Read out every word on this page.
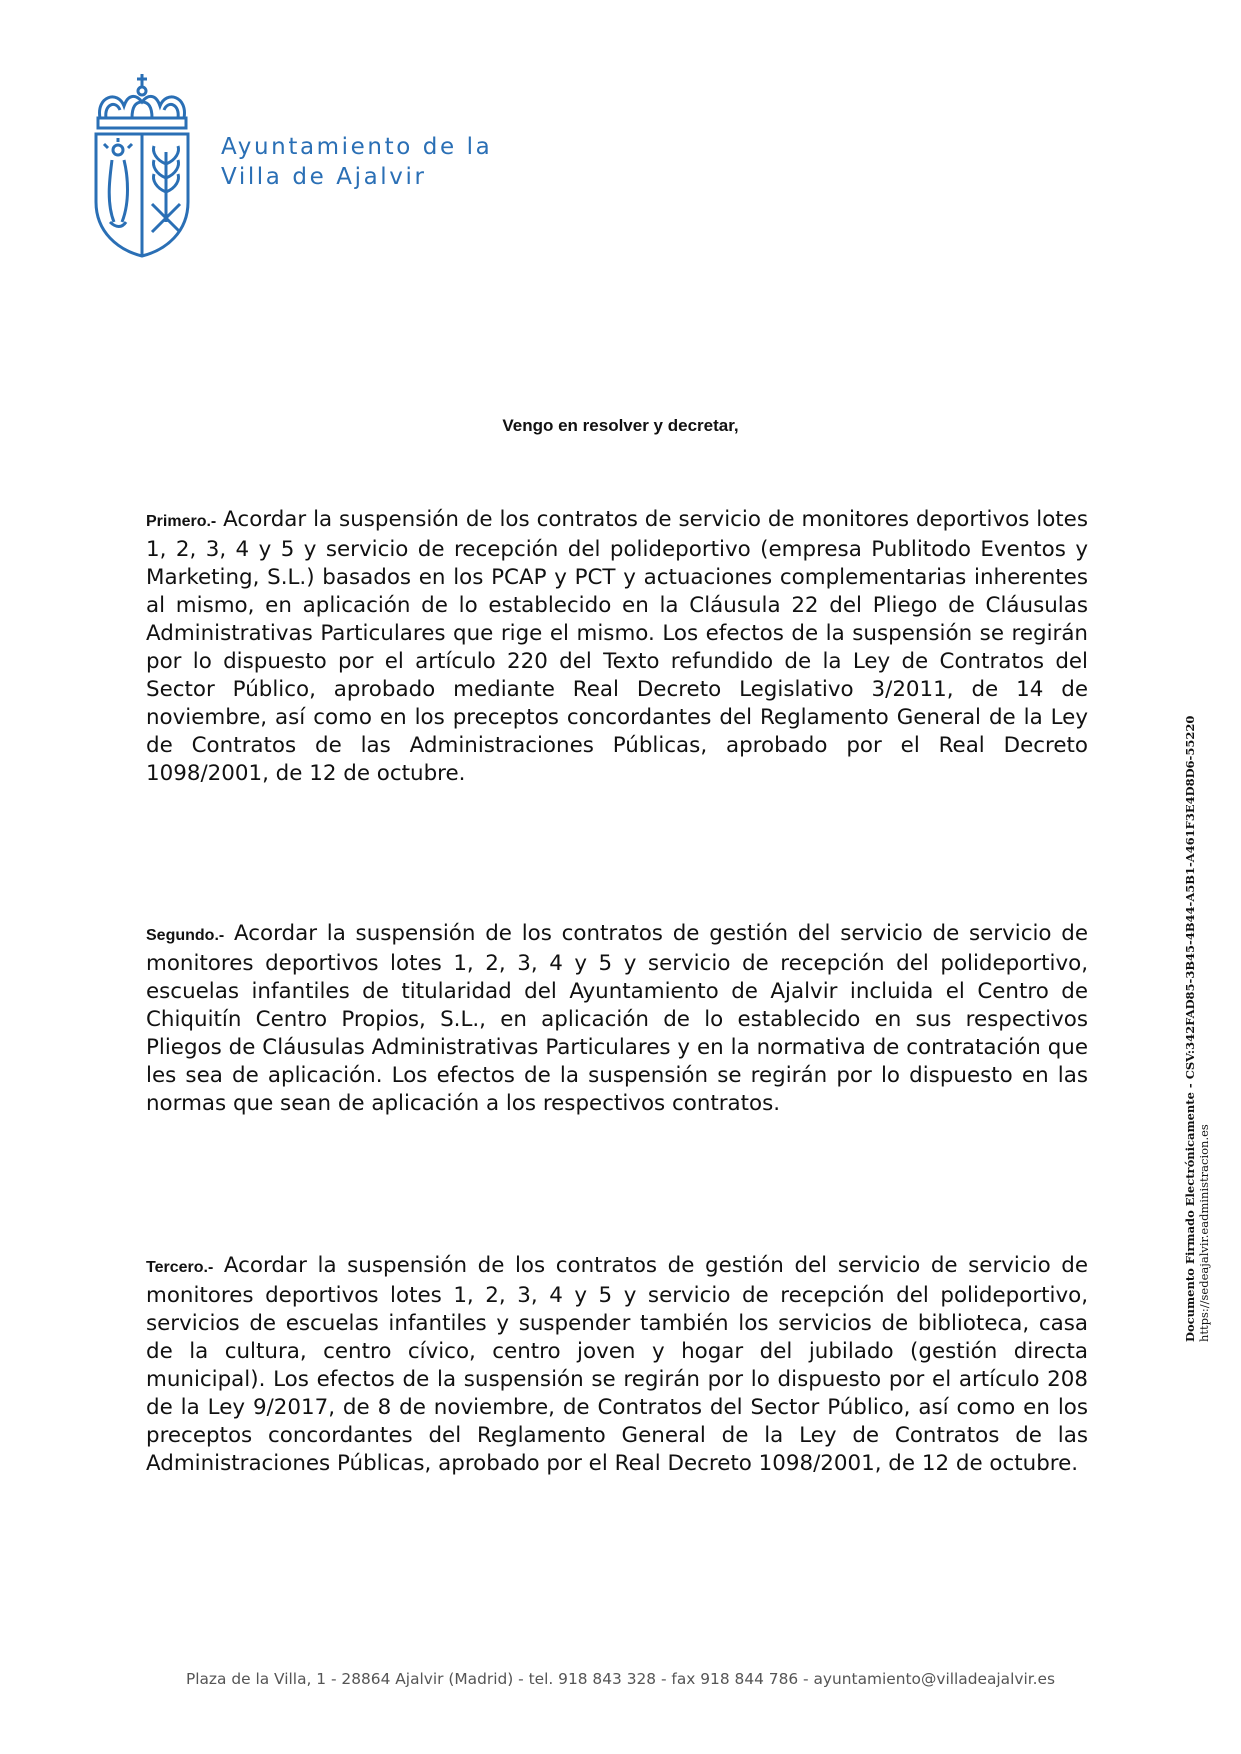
Ayuntamiento de la
Villa de Ajalvir
Vengo en resolver y decretar,

Primero.- Acordar la suspensión de los contratos de servicio de monitores deportivos lotes 1, 2, 3, 4 y 5 y servicio de recepción del polideportivo (empresa Publitodo Eventos y Marketing, S.L.) basados en los PCAP y PCT y actuaciones complementarias inherentes al mismo, en aplicación de lo establecido en la Cláusula 22 del Pliego de Cláusulas Administrativas Particulares que rige el mismo. Los efectos de la suspensión se regirán por lo dispuesto por el artículo 220 del Texto refundido de la Ley de Contratos del Sector Público, aprobado mediante Real Decreto Legislativo 3/2011, de 14 de noviembre, así como en los preceptos concordantes del Reglamento General de la Ley de Contratos de las Administraciones Públicas, aprobado por el Real Decreto 1098/2001, de 12 de octubre.

Segundo.- Acordar la suspensión de los contratos de gestión del servicio de servicio de monitores deportivos lotes 1, 2, 3, 4 y 5 y servicio de recepción del polideportivo, escuelas infantiles de titularidad del Ayuntamiento de Ajalvir incluida el Centro de Chiquitín Centro Propios, S.L., en aplicación de lo establecido en sus respectivos Pliegos de Cláusulas Administrativas Particulares y en la normativa de contratación que les sea de aplicación. Los efectos de la suspensión se regirán por lo dispuesto en las normas que sean de aplicación a los respectivos contratos.

Tercero.- Acordar la suspensión de los contratos de gestión del servicio de servicio de monitores deportivos lotes 1, 2, 3, 4 y 5 y servicio de recepción del polideportivo, servicios de escuelas infantiles y suspender también los servicios de biblioteca, casa de la cultura, centro cívico, centro joven y hogar del jubilado (gestión directa municipal). Los efectos de la suspensión se regirán por lo dispuesto por el artículo 208 de la Ley 9/2017, de 8 de noviembre, de Contratos del Sector Público, así como en los preceptos concordantes del Reglamento General de la Ley de Contratos de las Administraciones Públicas, aprobado por el Real Decreto 1098/2001, de 12 de octubre.

Documento Firmado Electrónicamente - CSV:342FAD85-3B45-4B44-A5B1-A461F3E4D8D6-55220 https://sedeajalvir.eadministracion.es
Plaza de la Villa, 1 - 28864 Ajalvir (Madrid) - tel. 918 843 328 - fax 918 844 786 - ayuntamiento@villadeajalvir.es
